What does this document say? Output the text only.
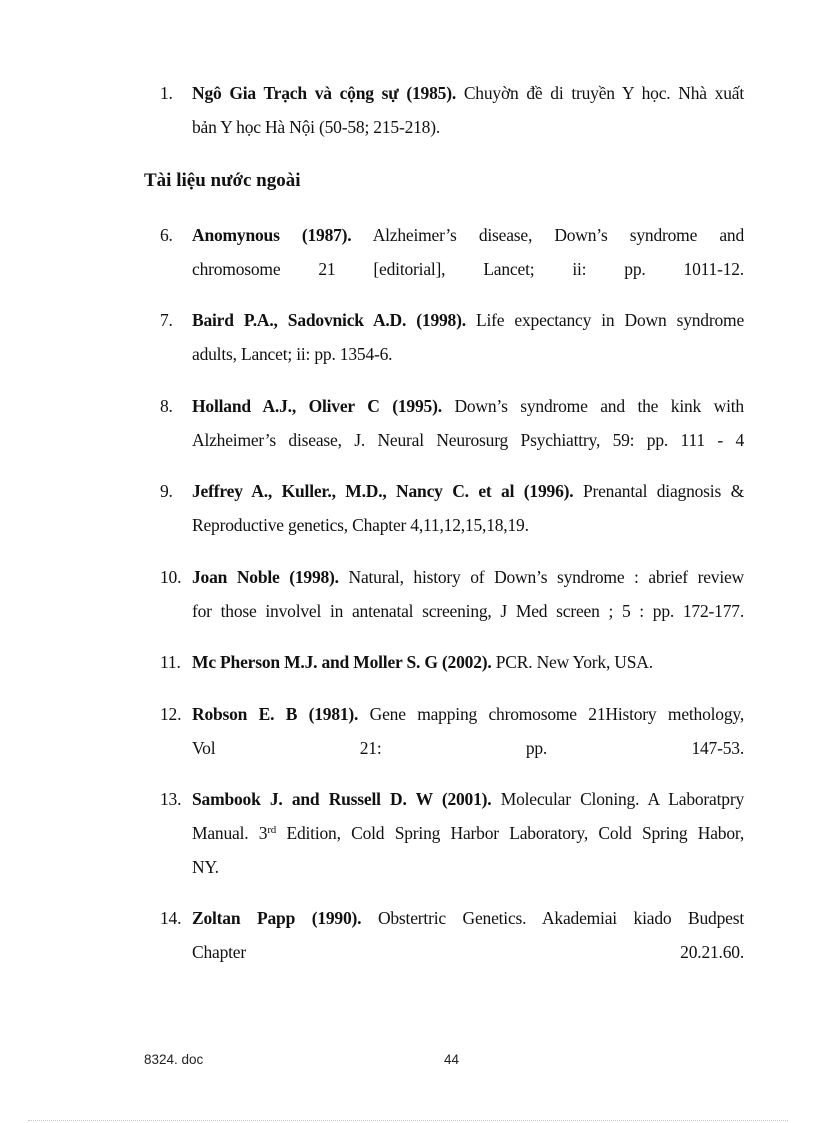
1.	Ngô Gia Trạch và cộng sự (1985). Chuyờn đề di truyền Y học. Nhà xuất
bản Y học Hà Nội (50-58; 215-218).
Tài liệu nước ngoài
6.	Anomynous (1987). Alzheimer’s disease, Down’s syndrome and
chromosome 21 [editorial], Lancet; ii: pp. 1011-12.
7.	Baird P.A., Sadovnick A.D. (1998). Life expectancy in Down syndrome
adults, Lancet; ii: pp. 1354-6.
8.	Holland A.J., Oliver C (1995). Down’s syndrome and the kink with
Alzheimer’s disease, J. Neural Neurosurg Psychiattry, 59: pp. 111 - 4
9.	Jeffrey A., Kuller., M.D., Nancy C. et al (1996). Prenantal diagnosis &
Reproductive genetics, Chapter 4,11,12,15,18,19.
10. Joan Noble (1998). Natural, history of Down’s syndrome : abrief review
for those involvel in antenatal screening, J Med screen ; 5 : pp. 172-177.
11. Mc Pherson M.J. and Moller S. G (2002). PCR. New York, USA.
12. Robson E. B (1981). Gene mapping chromosome 21History methology,
Vol 21: pp. 147-53.
13. Sambook J. and Russell D. W (2001). Molecular Cloning. A Laboratpry
Manual. 3rd Edition, Cold Spring Harbor Laboratory, Cold Spring Habor,
NY.
14. Zoltan Papp (1990). Obstertric Genetics. Akademiai kiado Budpest
Chapter 20.21.60.
8324. doc	44
